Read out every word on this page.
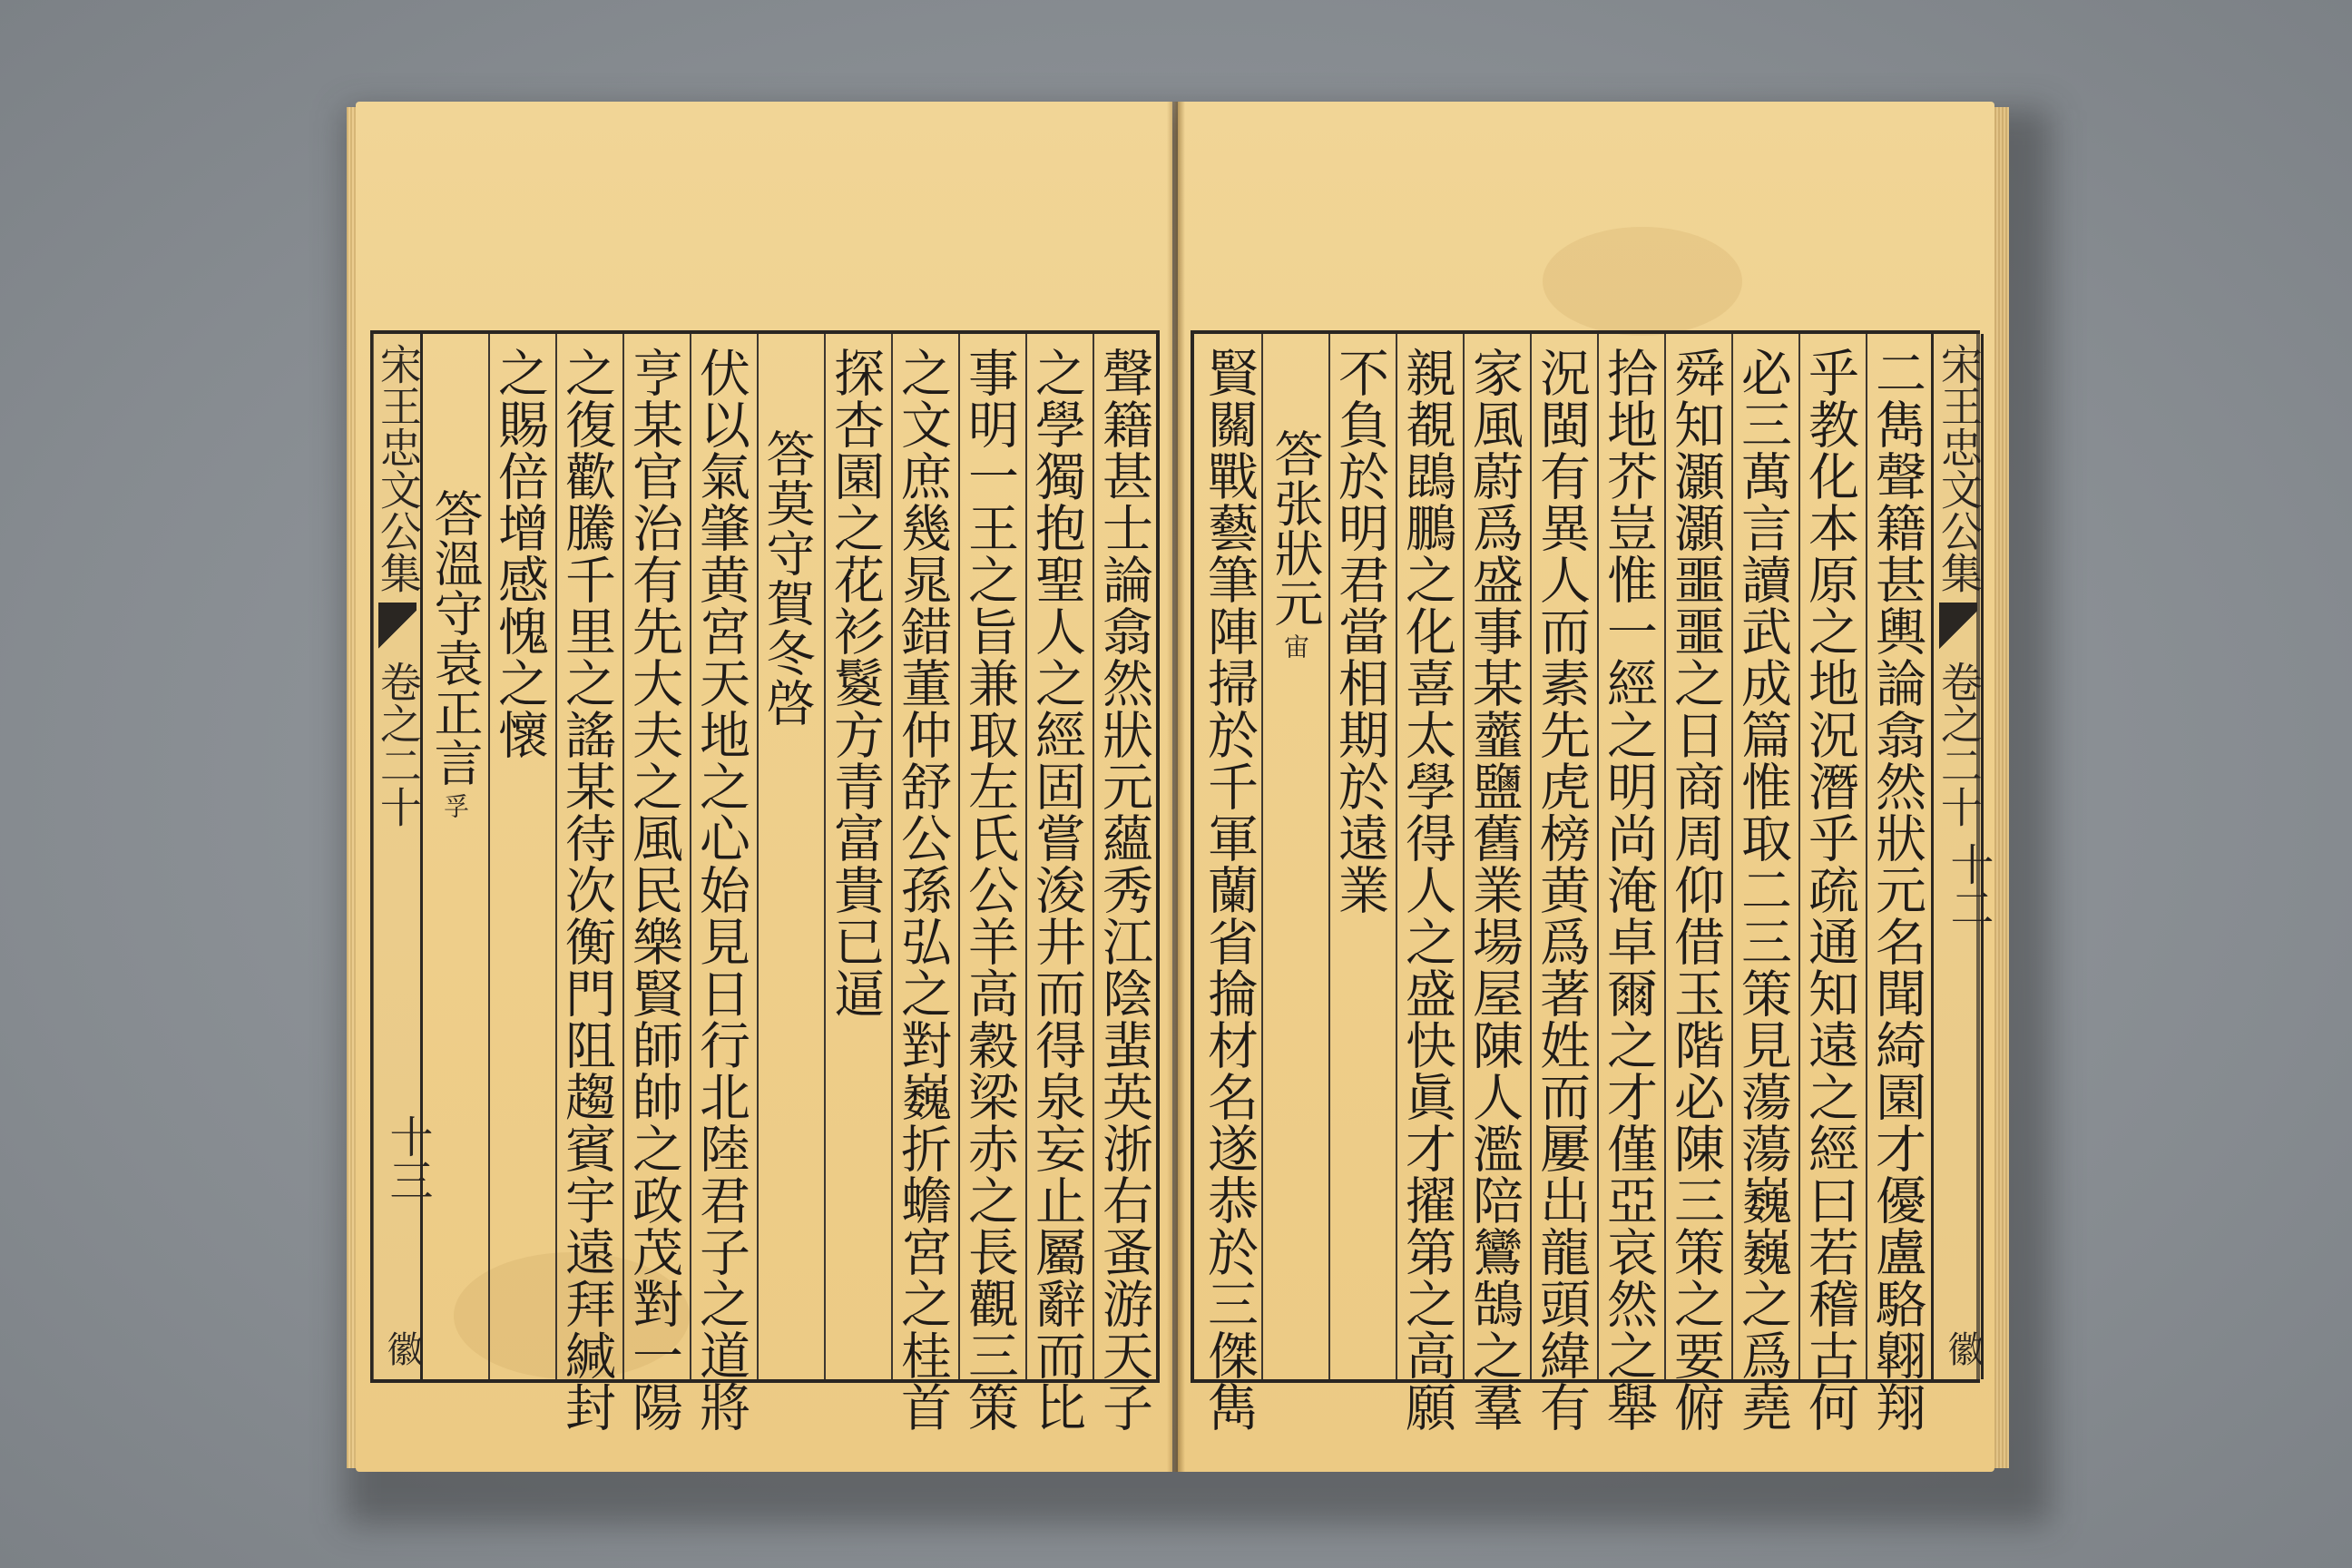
宋王忠文公集
卷之二十
十三
徽	聲籍甚士論翕然狀元蘊秀江陰蜚英浙右蚤游天子
之學獨抱聖人之經固嘗浚井而得泉妄止屬辭而比
事明一王之旨兼取左氏公羊高穀梁赤之長觀三策
之文庶幾晁錯董仲舒公孫弘之對巍折蟾宮之桂首
探杏園之花衫鬉方青富貴已逼
答莫守賀冬啓
伏以氣肇黄宮天地之心始見日行北陸君子之道將
亨某官治有先大夫之風民樂賢師帥之政茂對一陽
之復歡騰千里之謠某待次衡門阻趨賓宇遠拜緘封
之賜倍增感愧之懷
答溫守袁正言孚	二雋聲籍甚輿論翕然狀元名聞綺園才優盧駱翺翔
乎教化本原之地況潛乎疏通知遠之經曰若稽古何
必三萬言讀武成篇惟取二三策見蕩蕩巍巍之爲堯
舜知灝灝噩噩之日商周仰借玉階必陳三策之要俯
拾地芥豈惟一經之明尚淹卓爾之才僅亞哀然之舉
況閩有異人而素先虎榜黄爲著姓而屢出龍頭緯有
家風蔚爲盛事某虀鹽舊業場屋陳人濫陪鸞鵠之羣
親覩鵾鵬之化喜太學得人之盛快眞才擢第之高願
不負於明君當相期於遠業
答张狀元宙
賢關戰藝筆陣掃於千軍蘭省掄材名遂恭於三傑雋	宋王忠文公集
卷之二十
十二
徽
